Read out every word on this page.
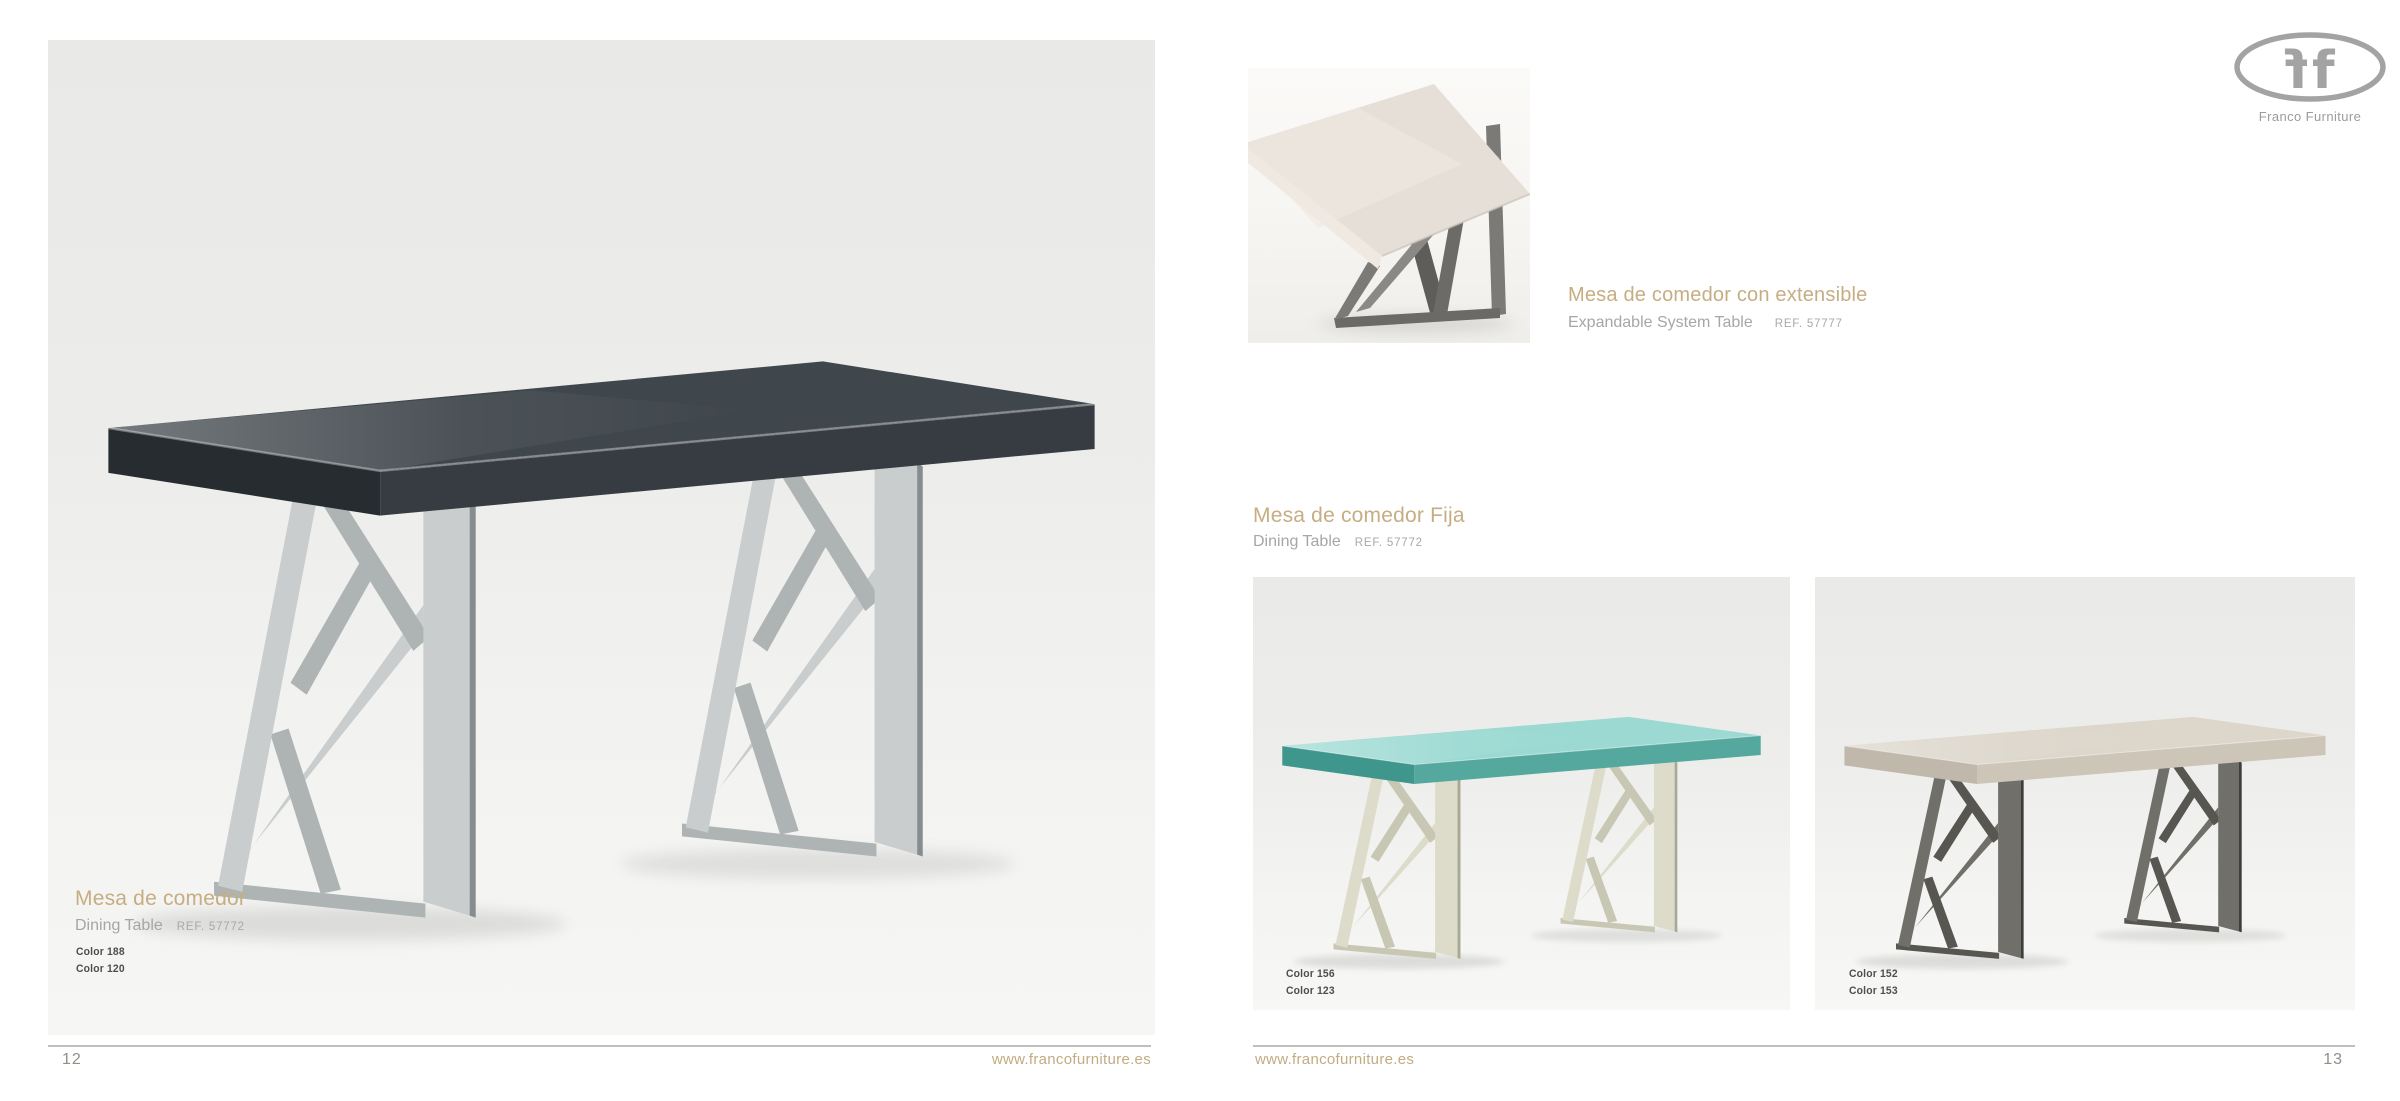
Mesa de comedor
Dining Table REF. 57772
Color 188
Color 120
12	www.francofurniture.es
Mesa de comedor con extensible
Expandable System Table REF. 57777
Mesa de comedor Fija
Dining Table REF. 57772
Color 156
Color 123
Color 152
Color 153
f
f
Franco Furniture
www.francofurniture.es	13
